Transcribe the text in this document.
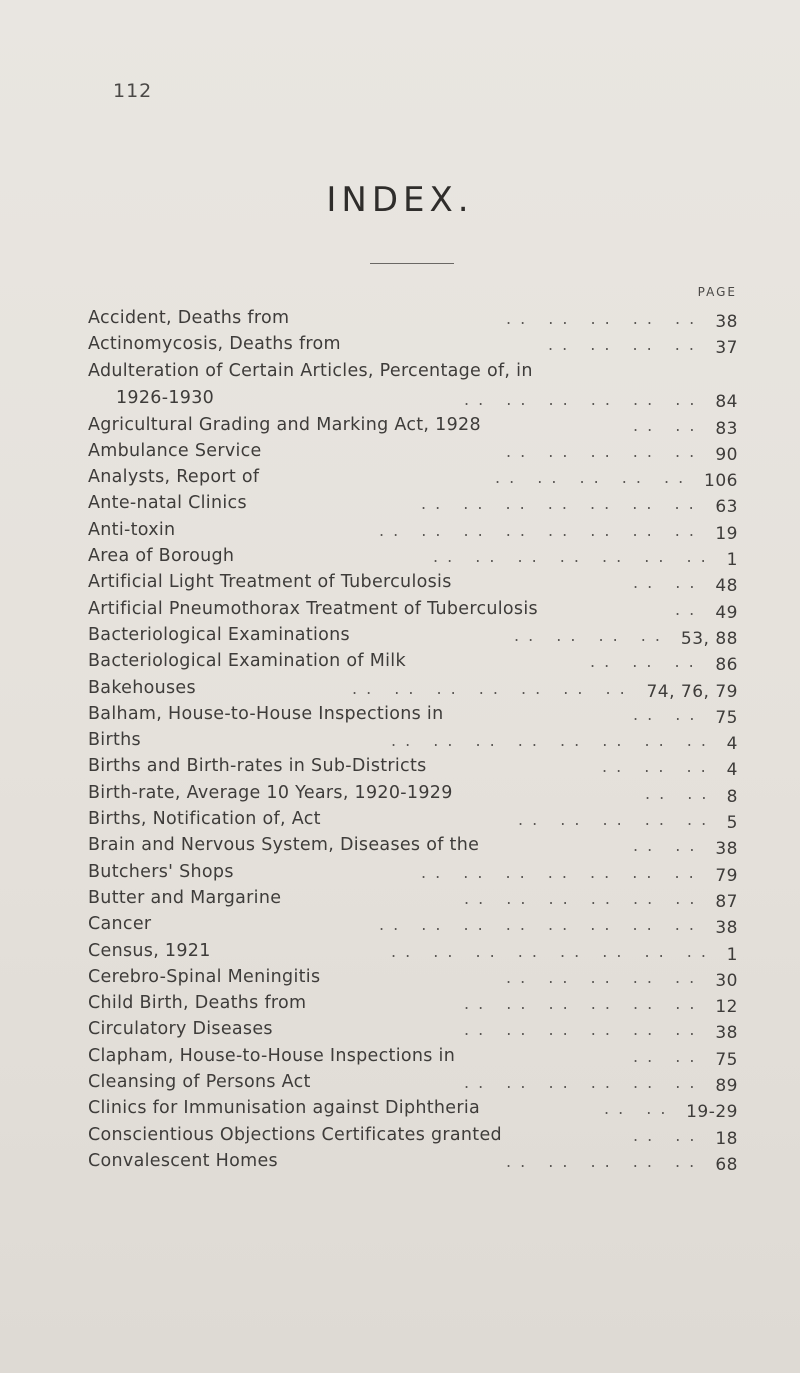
112
INDEX.
PAGE
Accident, Deaths from	.. .. .. .. .. 38
Actinomycosis, Deaths from	.. .. .. .. 37
Adulteration of Certain Articles, Percentage of, in
1926-1930	.. .. .. .. .. .. 84
Agricultural Grading and Marking Act, 1928	.. .. 83
Ambulance Service	.. .. .. .. .. 90
Analysts, Report of	.. .. .. .. .. 106
Ante-natal Clinics	.. .. .. .. .. .. .. 63
Anti-toxin	.. .. .. .. .. .. .. .. 19
Area of Borough	.. .. .. .. .. .. .. 1
Artificial Light Treatment of Tuberculosis	.. .. 48
Artificial Pneumothorax Treatment of Tuberculosis	.. 49
Bacteriological Examinations	.. .. .. .. 53, 88
Bacteriological Examination of Milk	.. .. .. 86
Bakehouses	.. .. .. .. .. .. .. 74, 76, 79
Balham, House-to-House Inspections in	.. .. 75
Births	.. .. .. .. .. .. .. .. 4
Births and Birth-rates in Sub-Districts	.. .. .. 4
Birth-rate, Average 10 Years, 1920-1929	.. .. 8
Births, Notification of, Act	.. .. .. .. .. 5
Brain and Nervous System, Diseases of the	.. .. 38
Butchers' Shops	.. .. .. .. .. .. .. 79
Butter and Margarine	.. .. .. .. .. .. 87
Cancer	.. .. .. .. .. .. .. .. 38
Census, 1921	.. .. .. .. .. .. .. .. 1
Cerebro-Spinal Meningitis	.. .. .. .. .. 30
Child Birth, Deaths from	.. .. .. .. .. .. 12
Circulatory Diseases	.. .. .. .. .. .. 38
Clapham, House-to-House Inspections in	.. .. 75
Cleansing of Persons Act	.. .. .. .. .. .. 89
Clinics for Immunisation against Diphtheria	.. .. 19-29
Conscientious Objections Certificates granted	.. .. 18
Convalescent Homes	.. .. .. .. .. 68
